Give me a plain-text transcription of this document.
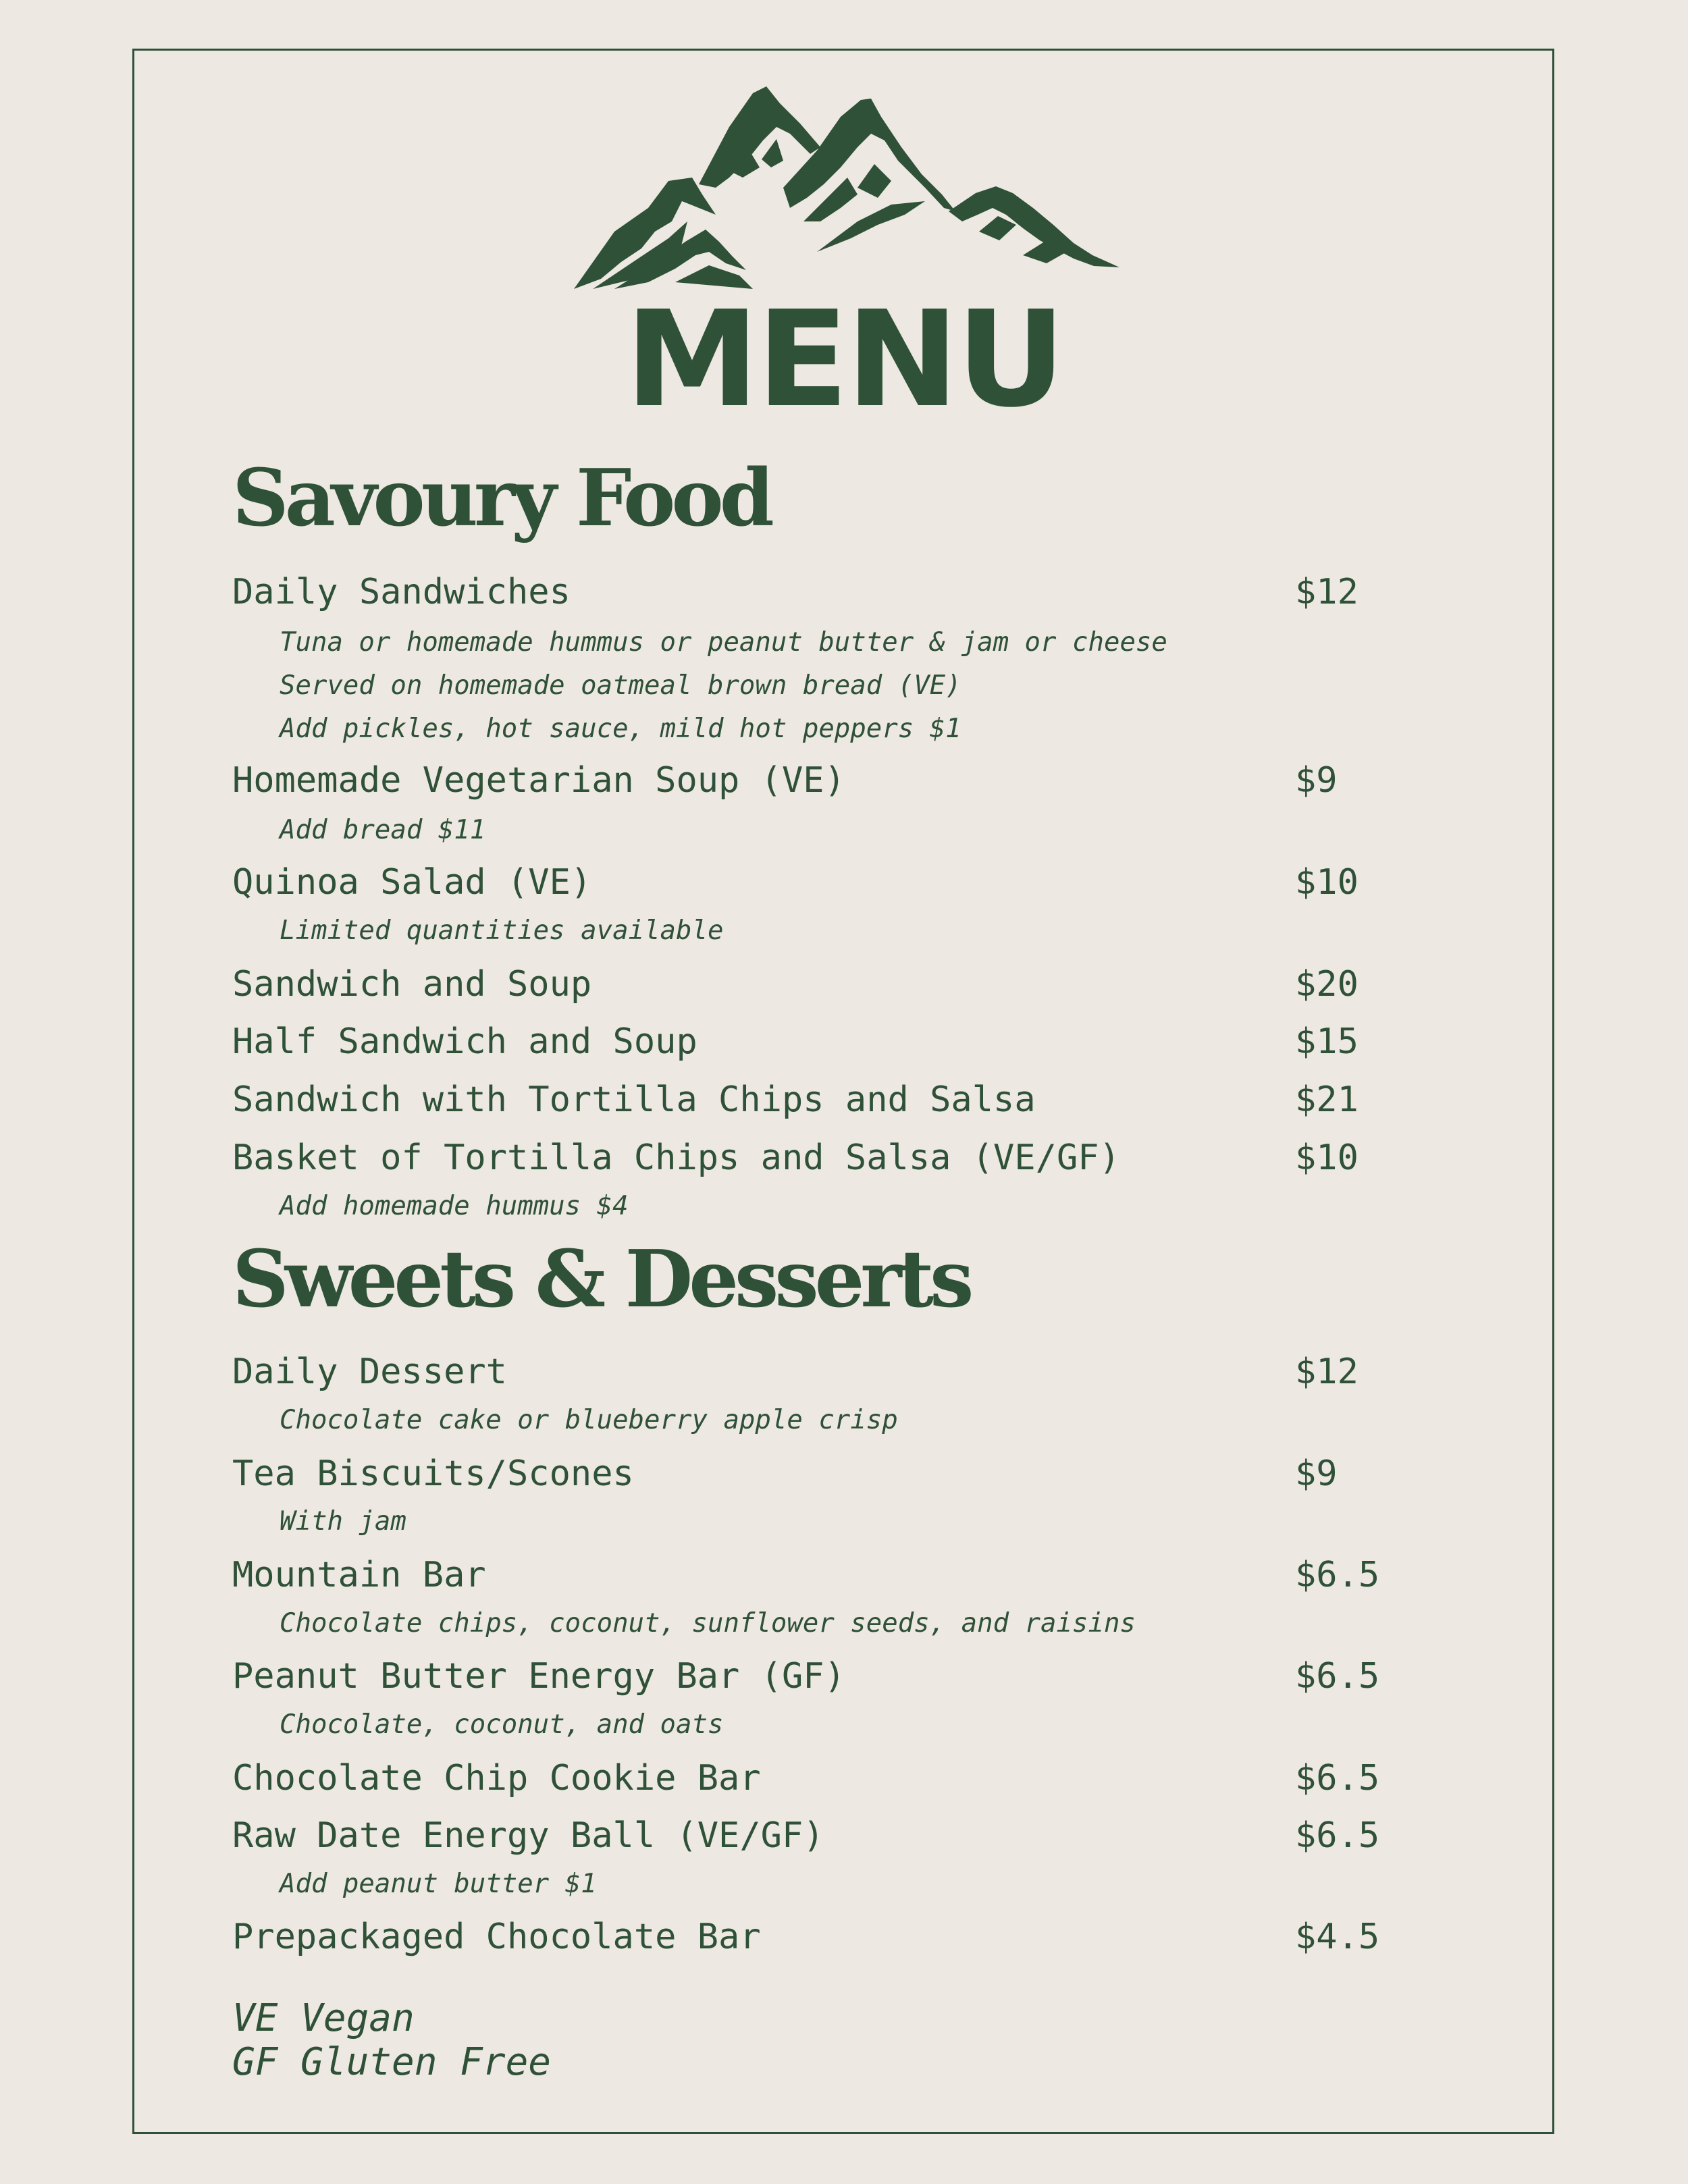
MENU
Savoury Food
Daily Sandwiches	$12
Tuna or homemade hummus or peanut butter & jam or cheese
Served on homemade oatmeal brown bread (VE)
Add pickles, hot sauce, mild hot peppers $1
Homemade Vegetarian Soup (VE)	$9
Add bread $11
Quinoa Salad (VE)	$10
Limited quantities available
Sandwich and Soup	$20
Half Sandwich and Soup	$15
Sandwich with Tortilla Chips and Salsa	$21
Basket of Tortilla Chips and Salsa (VE/GF)	$10
Add homemade hummus $4
Sweets & Desserts
Daily Dessert	$12
Chocolate cake or blueberry apple crisp
Tea Biscuits/Scones	$9
With jam
Mountain Bar	$6.5
Chocolate chips, coconut, sunflower seeds, and raisins
Peanut Butter Energy Bar (GF)	$6.5
Chocolate, coconut, and oats
Chocolate Chip Cookie Bar	$6.5
Raw Date Energy Ball (VE/GF)	$6.5
Add peanut butter $1
Prepackaged Chocolate Bar	$4.5
VE Vegan
GF Gluten Free
